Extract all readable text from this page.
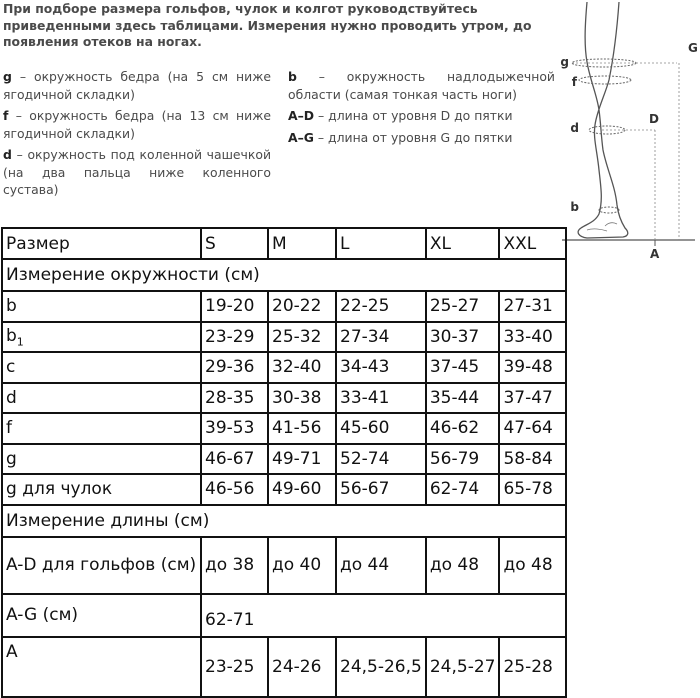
При подборе размера гольфов, чулок и колгот руководствуйтесь приведенными здесь таблицами. Измерения нужно проводить утром, до появления отеков на ногах.
g – окружность бедра (на 5 см ниже ягодичной складки)
f – окружность бедра (на 13 см ниже ягодичной складки)
d – окружность под коленной чашечкой (на два пальца ниже коленного сустава)
b – окружность надлодыжечной области (самая тонкая часть ноги)
A–D – длина от уровня D до пятки
A–G – длина от уровня G до пятки
g
G
f
d
D
b
A
Размер	S	M	L	XL	XXL
Измерение окружности (см)					
b	19-20	20-22	22-25	25-27	27-31
$b_1$	23-29	25-32	27-34	30-37	33-40
c	29-36	32-40	34-43	37-45	39-48
d	28-35	30-38	33-41	35-44	37-47
f	39-53	41-56	45-60	46-62	47-64
g	46-67	49-71	52-74	56-79	58-84
g для чулок	46-56	49-60	56-67	62-74	65-78
Измерение длины (см)					
A-D для гольфов (см)	до 38	до 40	до 44	до 48	до 48
A-G (см)	62-71				
A	23-25	24-26	24,5-26,5	24,5-27	25-28
